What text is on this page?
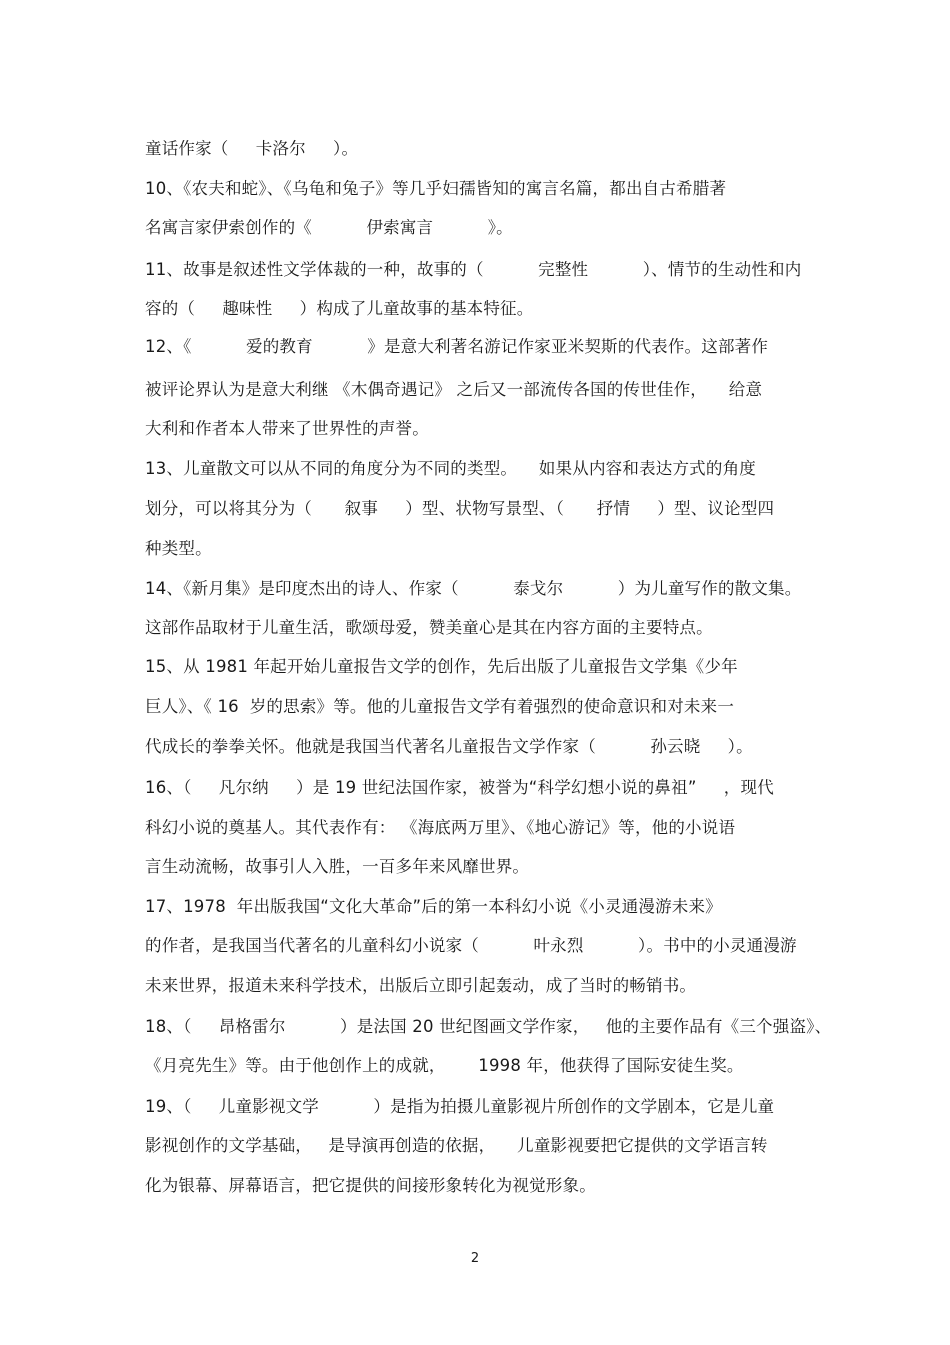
童话作家（     卡洛尔     ）。
10、《农夫和蛇》、《乌龟和兔子》等几乎妇孺皆知的寓言名篇，都出自古希腊著
名寓言家伊索创作的《          伊索寓言          》。
11、故事是叙述性文学体裁的一种，故事的（          完整性          ）、情节的生动性和内
容的（     趣味性     ）构成了儿童故事的基本特征。
12、《          爱的教育          》是意大利著名游记作家亚米契斯的代表作。这部著作
被评论界认为是意大利继 《木偶奇遇记》 之后又一部流传各国的传世佳作，    给意
大利和作者本人带来了世界性的声誉。
13、儿童散文可以从不同的角度分为不同的类型。    如果从内容和表达方式的角度
划分，可以将其分为（      叙事     ）型、状物写景型、（      抒情     ）型、议论型四
种类型。
14、《新月集》是印度杰出的诗人、作家（          泰戈尔          ）为儿童写作的散文集。
这部作品取材于儿童生活，歌颂母爱，赞美童心是其在内容方面的主要特点。
15、从 1981 年起开始儿童报告文学的创作，先后出版了儿童报告文学集《少年
巨人》、《 16  岁的思索》等。他的儿童报告文学有着强烈的使命意识和对未来一
代成长的拳拳关怀。他就是我国当代著名儿童报告文学作家（          孙云晓     ）。
16、（     凡尔纳     ）是 19 世纪法国作家，被誉为“科学幻想小说的鼻祖”     ，现代
科幻小说的奠基人。其代表作有： 《海底两万里》、《地心游记》等，他的小说语
言生动流畅，故事引人入胜，一百多年来风靡世界。
17、1978  年出版我国“文化大革命”后的第一本科幻小说《小灵通漫游未来》
的作者，是我国当代著名的儿童科幻小说家（          叶永烈          ）。书中的小灵通漫游
未来世界，报道未来科学技术，出版后立即引起轰动，成了当时的畅销书。
18、（     昂格雷尔          ）是法国 20 世纪图画文学作家，   他的主要作品有《三个强盗》、
《月亮先生》等。由于他创作上的成就，      1998 年，他获得了国际安徒生奖。
19、（     儿童影视文学          ）是指为拍摄儿童影视片所创作的文学剧本，它是儿童
影视创作的文学基础，   是导演再创造的依据，    儿童影视要把它提供的文学语言转
化为银幕、屏幕语言，把它提供的间接形象转化为视觉形象。
2
